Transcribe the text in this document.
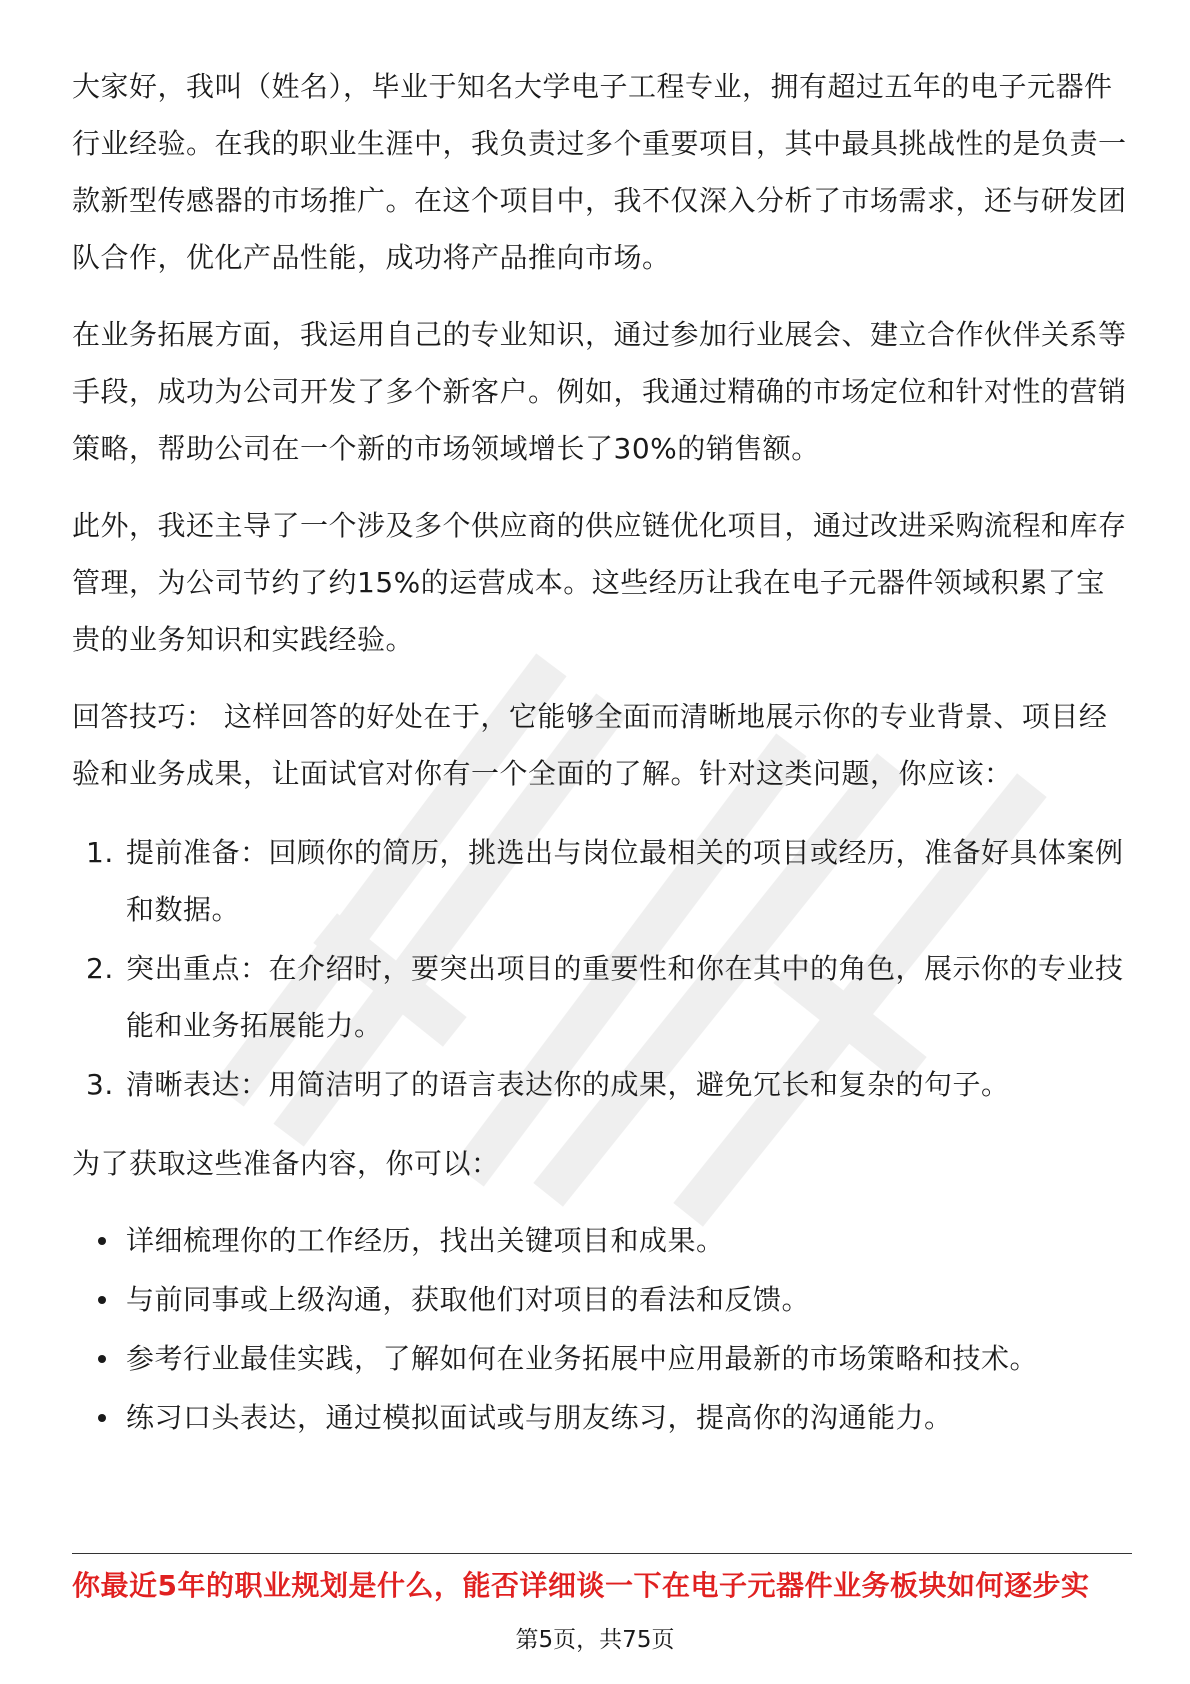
大家好，我叫（姓名），毕业于知名大学电子工程专业，拥有超过五年的电子元器件行业经验。在我的职业生涯中，我负责过多个重要项目，其中最具挑战性的是负责一款新型传感器的市场推广。在这个项目中，我不仅深入分析了市场需求，还与研发团队合作，优化产品性能，成功将产品推向市场。

在业务拓展方面，我运用自己的专业知识，通过参加行业展会、建立合作伙伴关系等手段，成功为公司开发了多个新客户。例如，我通过精确的市场定位和针对性的营销策略，帮助公司在一个新的市场领域增长了30%的销售额。

此外，我还主导了一个涉及多个供应商的供应链优化项目，通过改进采购流程和库存管理，为公司节约了约15%的运营成本。这些经历让我在电子元器件领域积累了宝贵的业务知识和实践经验。

回答技巧： 这样回答的好处在于，它能够全面而清晰地展示你的专业背景、项目经验和业务成果，让面试官对你有一个全面的了解。针对这类问题，你应该：

1. 提前准备：回顾你的简历，挑选出与岗位最相关的项目或经历，准备好具体案例和数据。
2. 突出重点：在介绍时，要突出项目的重要性和你在其中的角色，展示你的专业技能和业务拓展能力。
3. 清晰表达：用简洁明了的语言表达你的成果，避免冗长和复杂的句子。

为了获取这些准备内容，你可以：

详细梳理你的工作经历，找出关键项目和成果。
与前同事或上级沟通，获取他们对项目的看法和反馈。
参考行业最佳实践，了解如何在业务拓展中应用最新的市场策略和技术。
练习口头表达，通过模拟面试或与朋友练习，提高你的沟通能力。
你最近5年的职业规划是什么，能否详细谈一下在电子元器件业务板块如何逐步实
第5页，共75页
